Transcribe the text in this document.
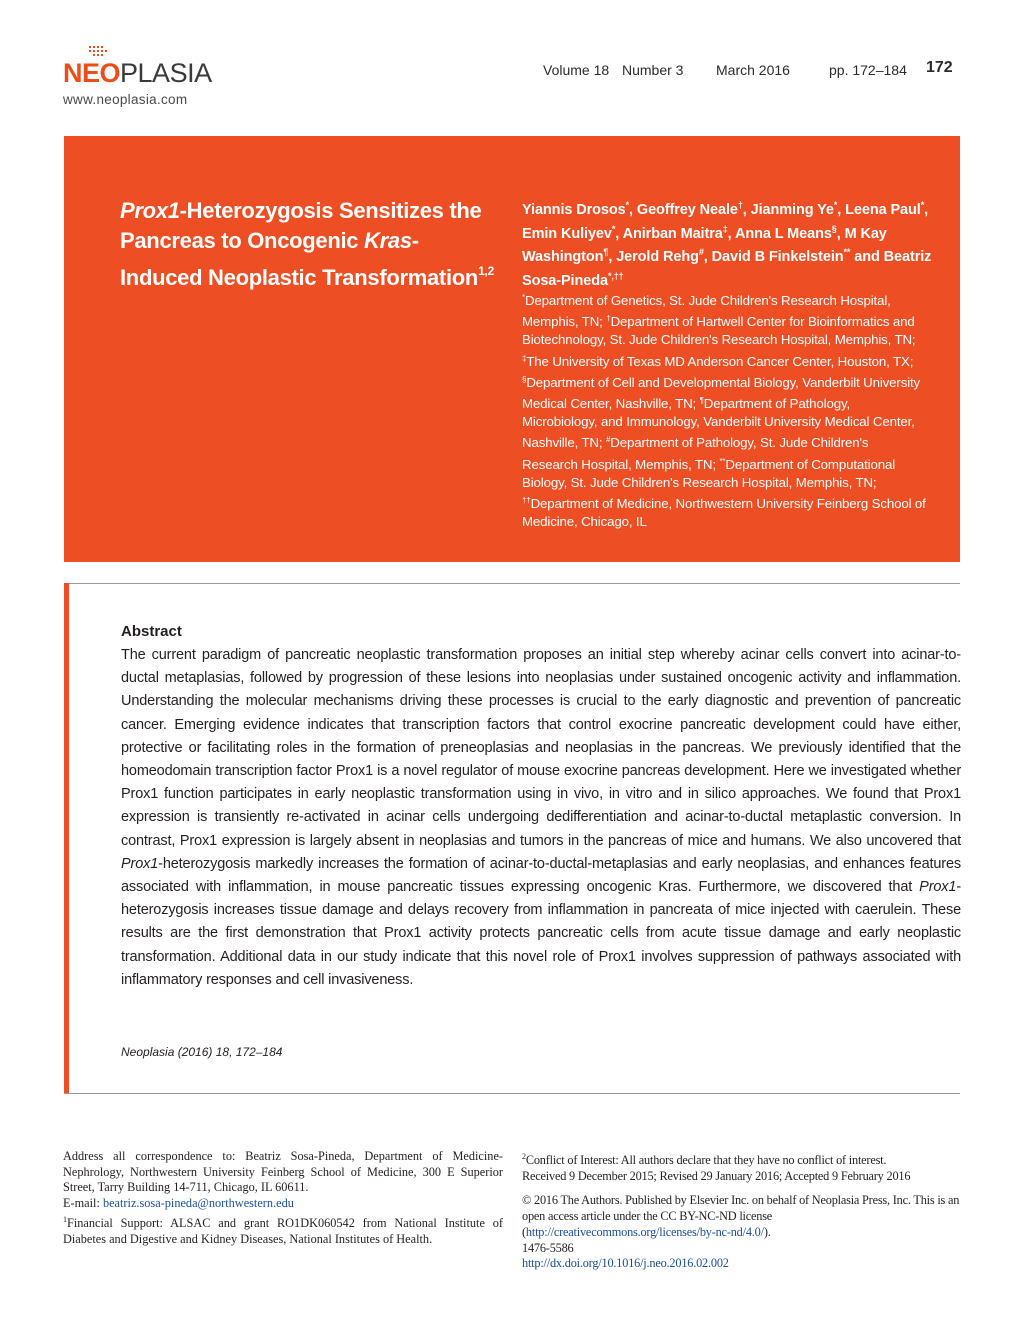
NEOPLASIA
www.neoplasia.com
Volume 18 Number 3 March 2016	pp. 172–184 172
Prox1-Heterozygosis Sensitizes the Pancreas to Oncogenic Kras-Induced Neoplastic Transformation$^{1,2}$
Yiannis Drosos*, Geoffrey Neale†, Jianming Ye*, Leena Paul*, Emin Kuliyev*, Anirban Maitra‡, Anna L Means§, M Kay Washington¶, Jerold Rehg#, David B Finkelstein** and Beatriz Sosa-Pineda*,††
*Department of Genetics, St. Jude Children's Research Hospital, Memphis, TN; †Department of Hartwell Center for Bioinformatics and Biotechnology, St. Jude Children's Research Hospital, Memphis, TN; ‡The University of Texas MD Anderson Cancer Center, Houston, TX; §Department of Cell and Developmental Biology, Vanderbilt University Medical Center, Nashville, TN; ¶Department of Pathology, Microbiology, and Immunology, Vanderbilt University Medical Center, Nashville, TN; #Department of Pathology, St. Jude Children's Research Hospital, Memphis, TN; **Department of Computational Biology, St. Jude Children's Research Hospital, Memphis, TN; ††Department of Medicine, Northwestern University Feinberg School of Medicine, Chicago, IL
Abstract
The current paradigm of pancreatic neoplastic transformation proposes an initial step whereby acinar cells convert into acinar-to-ductal metaplasias, followed by progression of these lesions into neoplasias under sustained oncogenic activity and inflammation. Understanding the molecular mechanisms driving these processes is crucial to the early diagnostic and prevention of pancreatic cancer. Emerging evidence indicates that transcription factors that control exocrine pancreatic development could have either, protective or facilitating roles in the formation of preneoplasias and neoplasias in the pancreas. We previously identified that the homeodomain transcription factor Prox1 is a novel regulator of mouse exocrine pancreas development. Here we investigated whether Prox1 function participates in early neoplastic transformation using in vivo, in vitro and in silico approaches. We found that Prox1 expression is transiently re-activated in acinar cells undergoing dedifferentiation and acinar-to-ductal metaplastic conversion. In contrast, Prox1 expression is largely absent in neoplasias and tumors in the pancreas of mice and humans. We also uncovered that Prox1-heterozygosis markedly increases the formation of acinar-to-ductal-metaplasias and early neoplasias, and enhances features associated with inflammation, in mouse pancreatic tissues expressing oncogenic Kras. Furthermore, we discovered that Prox1-heterozygosis increases tissue damage and delays recovery from inflammation in pancreata of mice injected with caerulein. These results are the first demonstration that Prox1 activity protects pancreatic cells from acute tissue damage and early neoplastic transformation. Additional data in our study indicate that this novel role of Prox1 involves suppression of pathways associated with inflammatory responses and cell invasiveness.
Neoplasia (2016) 18, 172–184
Address all correspondence to: Beatriz Sosa-Pineda, Department of Medicine-Nephrology, Northwestern University Feinberg School of Medicine, 300 E Superior Street, Tarry Building 14-711, Chicago, IL 60611.
E-mail: beatriz.sosa-pineda@northwestern.edu
$^1$Financial Support: ALSAC and grant RO1DK060542 from National Institute of Diabetes and Digestive and Kidney Diseases, National Institutes of Health.
$^2$Conflict of Interest: All authors declare that they have no conflict of interest.
Received 9 December 2015; Revised 29 January 2016; Accepted 9 February 2016
© 2016 The Authors. Published by Elsevier Inc. on behalf of Neoplasia Press, Inc. This is an open access article under the CC BY-NC-ND license (http://creativecommons.org/licenses/by-nc-nd/4.0/).
1476-5586
http://dx.doi.org/10.1016/j.neo.2016.02.002
